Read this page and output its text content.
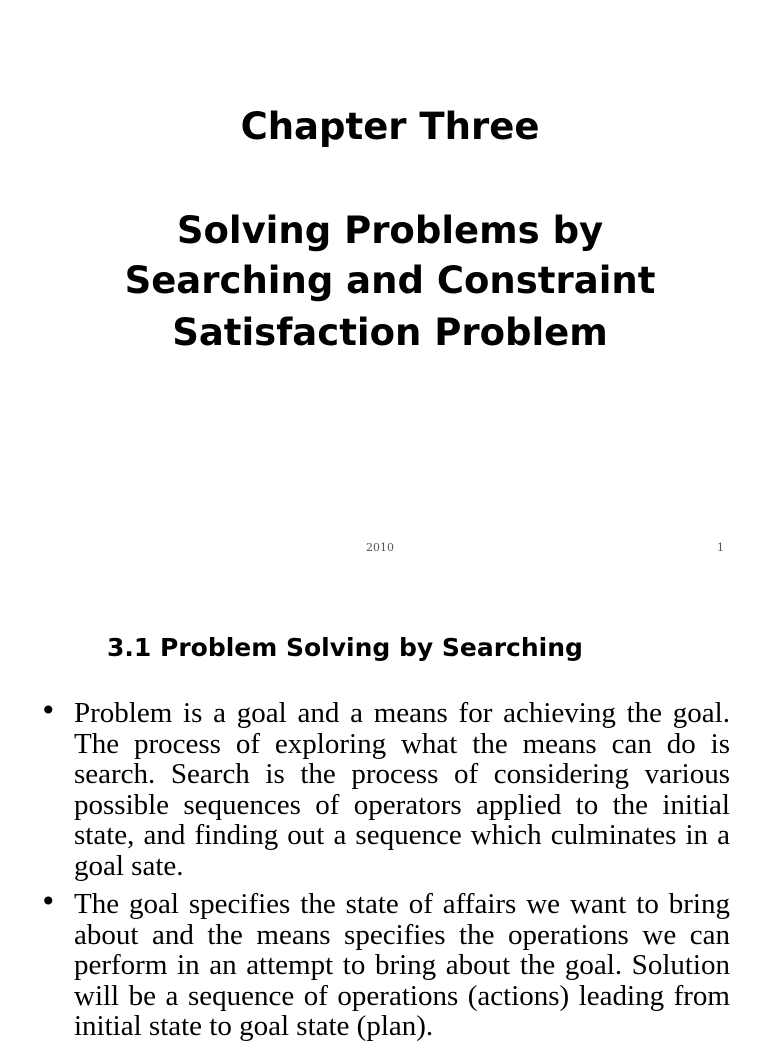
Chapter Three
Solving Problems by
Searching and Constraint
Satisfaction Problem
2010	1
3.1 Problem Solving by Searching
• Problem is a goal and a means for achieving the goal. The process of exploring what the means can do is search. Search is the process of considering various possible sequences of operators applied to the initial state, and finding out a sequence which culminates in a goal sate.
• The goal specifies the state of affairs we want to bring about and the means specifies the operations we can perform in an attempt to bring about the goal. Solution will be a sequence of operations (actions) leading from initial state to goal state (plan).
